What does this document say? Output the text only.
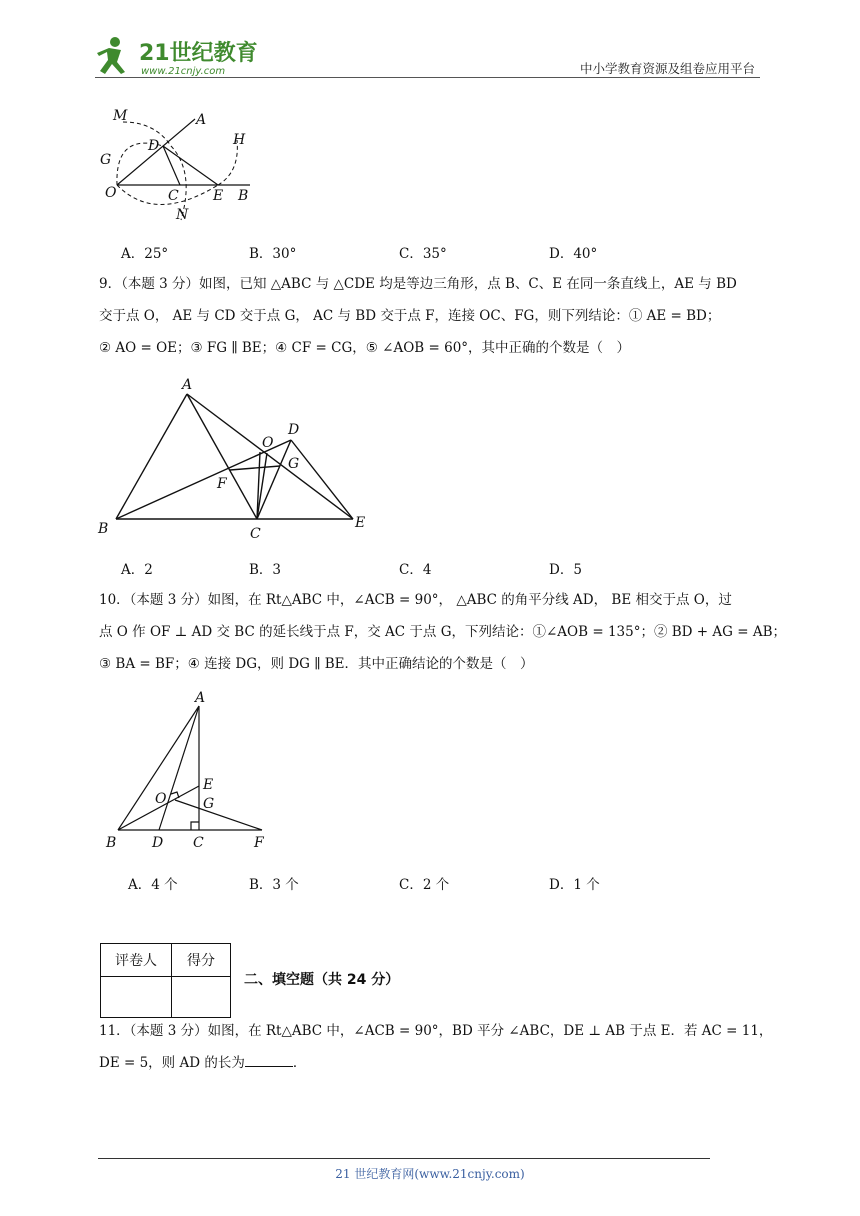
21世纪教育
www.21cnjy.com	中小学教育资源及组卷应用平台
M	A
D	H
G
O	C E B
N
A．25°	B．30°	C．35°	D．40°
9．（本题 3 分）如图，已知 △ABC 与 △CDE 均是等边三角形，点 B、C、E 在同一条直线上，AE 与 BD
交于点 O， AE 与 CD 交于点 G， AC 与 BD 交于点 F，连接 OC、FG，则下列结论：① AE = BD；
② AO = OE；③ FG ∥ BE；④ CF = CG，⑤ ∠AOB = 60°，其中正确的个数是（　）
A
O
D
G
F
B	C
E
A．2	B．3	C．4	D．5
10．（本题 3 分）如图，在 Rt△ABC 中，∠ACB = 90°， △ABC 的角平分线 AD， BE 相交于点 O，过
点 O 作 OF ⊥ AD 交 BC 的延长线于点 F，交 AC 于点 G，下列结论：①∠AOB = 135°；② BD + AG = AB；
③ BA = BF；④ 连接 DG，则 DG ∥ BE．其中正确结论的个数是（　）
A
E
O	G
B	D C	F
A．4 个	B．3 个	C．2 个	D．1 个
评卷人	得分

二、填空题（共 24 分）
11．（本题 3 分）如图，在 Rt△ABC 中，∠ACB = 90°，BD 平分 ∠ABC，DE ⊥ AB 于点 E．若 AC = 11，
DE = 5，则 AD 的长为	．
21 世纪教育网(www.21cnjy.com)
